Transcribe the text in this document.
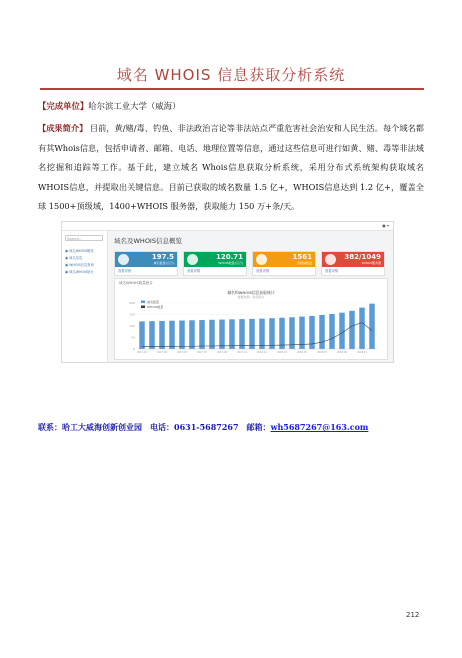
域名 WHOIS 信息获取分析系统
【完成单位】哈尔滨工业大学（威海）
【成果简介】 目前，黄/赌/毒、钓鱼、非法政治言论等非法站点严重危害社会治安和人民生活。每个域名都有其Whois信息，包括申请者、邮箱、电话、地理位置等信息，通过这些信息可进行如黄、赌、毒等非法域名挖掘和追踪等工作。基于此，建立域名 Whois信息获取分析系统，采用分布式系统架构获取域名 WHOIS信息，并提取出关键信息。目前已获取的域名数量 1.5 亿+，WHOIS信息达到 1.2 亿+，覆盖全球 1500+顶级域，1400+WHOIS 服务器，获取能力 150 万+条/天。
● ▾
Search...
▣ 域名WHOIS概览
▣ 域名信息
▣ WHOIS信息查询
▣ 域名WHOIS统计
域名及WHOIS信息概览
197.5
域名数量(百万)
查看详情
120.71
WHOIS数量(百万)
查看详情
1561
顶级域数量
查看详情
382/1049
WHOIS服务器
查看详情
域名WHOIS数量统计
域名和WHOIS信息获取统计
数据来源：系统统计
0
50
100
150
200	域名数量
WHOIS数量
2017-01	2017-03	2017-05	2017-07	2017-09	2017-11	2018-01	2018-03	2018-05	2018-07	2018-09	2018-11
联系：哈工大威海创新创业园　电话：0631-5687267　邮箱：wh5687267@163.com
212
